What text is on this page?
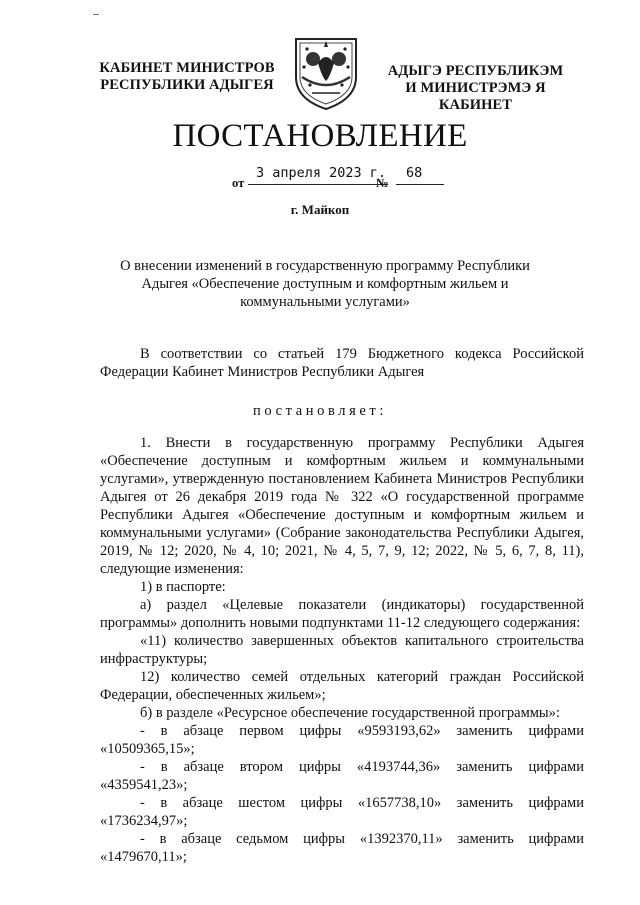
КАБИНЕТ МИНИСТРОВ
РЕСПУБЛИКИ АДЫГЕЯ
АДЫГЭ РЕСПУБЛИКЭМ
И МИНИСТРЭМЭ Я КАБИНЕТ
ПОСТАНОВЛЕНИЕ
от
3 апреля 2023 г.
№
68
г. Майкоп
О внесении изменений в государственную программу Республики Адыгея «Обеспечение доступным и комфортным жильем и коммунальными услугами»
В соответствии со статьей 179 Бюджетного кодекса Российской Федерации Кабинет Министров Республики Адыгея
постановляет:

1. Внести в государственную программу Республики Адыгея «Обеспечение доступным и комфортным жильем и коммунальными услугами», утвержденную постановлением Кабинета Министров Республики Адыгея от 26 декабря 2019 года № 322 «О государственной программе Республики Адыгея «Обеспечение доступным и комфортным жильем и коммунальными услугами» (Собрание законодательства Республики Адыгея, 2019, № 12; 2020, № 4, 10; 2021, № 4, 5, 7, 9, 12; 2022, № 5, 6, 7, 8, 11), следующие изменения:

1) в паспорте:

а) раздел «Целевые показатели (индикаторы) государственной программы» дополнить новыми подпунктами 11-12 следующего содержания:

«11) количество завершенных объектов капитального строительства инфраструктуры;

12) количество семей отдельных категорий граждан Российской Федерации, обеспеченных жильем»;

б) в разделе «Ресурсное обеспечение государственной программы»:

- в абзаце первом цифры «9593193,62» заменить цифрами «10509365,15»;

- в абзаце втором цифры «4193744,36» заменить цифрами «4359541,23»;

- в абзаце шестом цифры «1657738,10» заменить цифрами «1736234,97»;

- в абзаце седьмом цифры «1392370,11» заменить цифрами «1479670,11»;
